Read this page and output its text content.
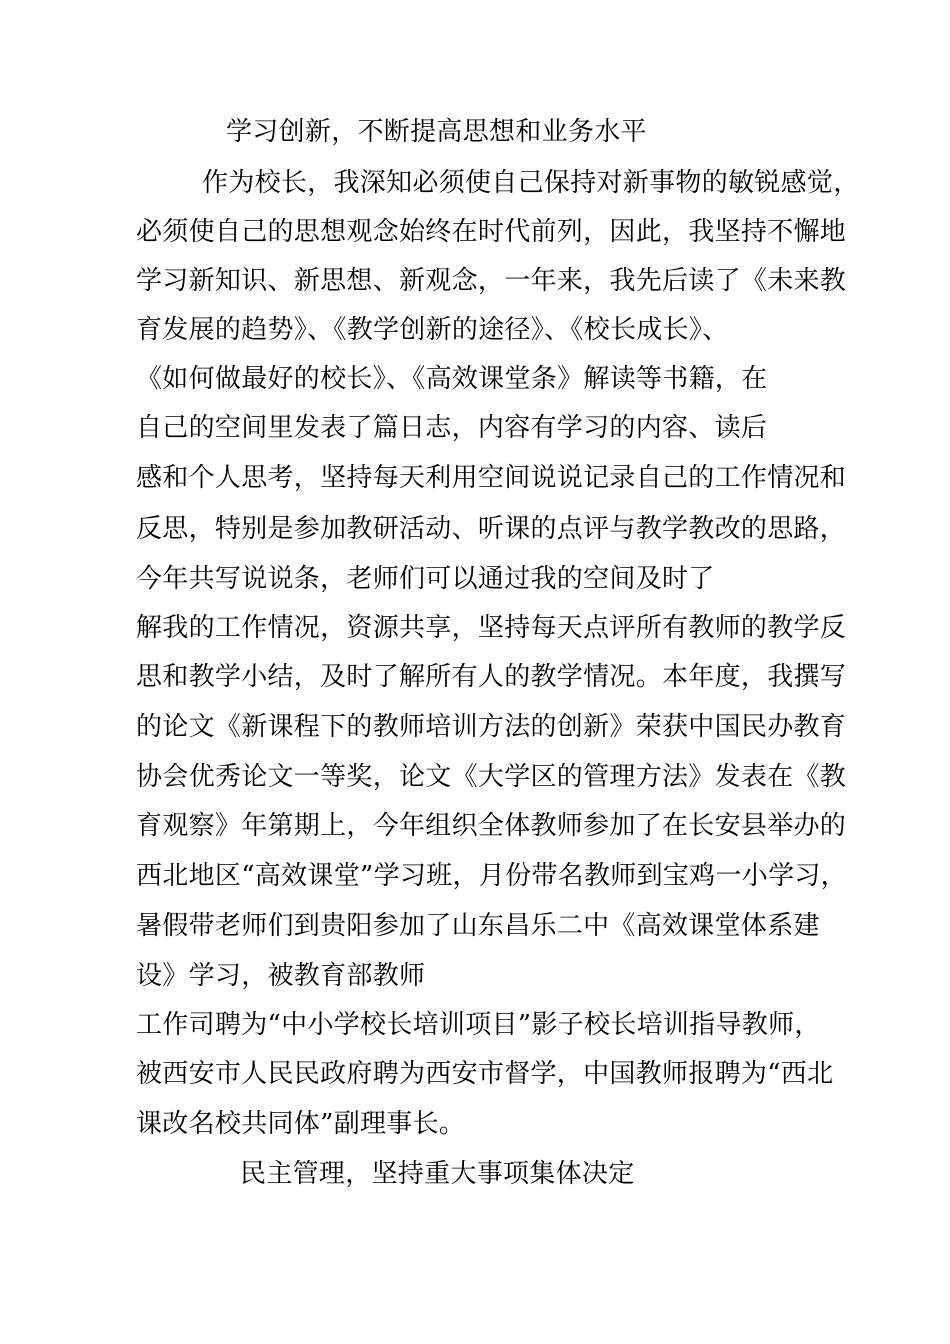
学习创新，不断提高思想和业务水平
作为校长，我深知必须使自己保持对新事物的敏锐感觉，
必须使自己的思想观念始终在时代前列，因此，我坚持不懈地
学习新知识、新思想、新观念，一年来，我先后读了《未来教
育发展的趋势》、《教学创新的途径》、《校长成长》、
《如何做最好的校长》、《高效课堂条》解读等书籍，在
自己的空间里发表了篇日志，内容有学习的内容、读后
感和个人思考，坚持每天利用空间说说记录自己的工作情况和
反思，特别是参加教研活动、听课的点评与教学教改的思路，
今年共写说说条，老师们可以通过我的空间及时了
解我的工作情况，资源共享，坚持每天点评所有教师的教学反
思和教学小结，及时了解所有人的教学情况。本年度，我撰写
的论文《新课程下的教师培训方法的创新》荣获中国民办教育
协会优秀论文一等奖，论文《大学区的管理方法》发表在《教
育观察》年第期上，今年组织全体教师参加了在长安县举办的
西北地区“高效课堂”学习班，月份带名教师到宝鸡一小学习，
暑假带老师们到贵阳参加了山东昌乐二中《高效课堂体系建
设》学习，被教育部教师
工作司聘为“中小学校长培训项目”影子校长培训指导教师，
被西安市人民民政府聘为西安市督学，中国教师报聘为“西北
课改名校共同体”副理事长。
民主管理，坚持重大事项集体决定
